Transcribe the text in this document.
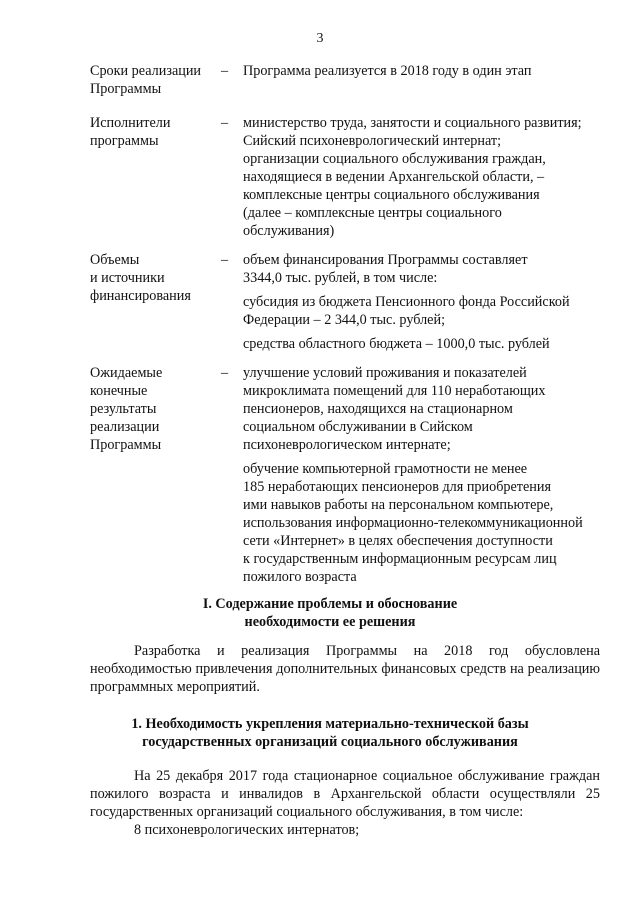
3
Сроки реализации
Программы
–	Программа реализуется в 2018 году в один этап

Исполнители
программы
–	министерство труда, занятости и социального развития;
Сийский психоневрологический интернат;
организации социального обслуживания граждан,
находящиеся в ведении Архангельской области, –
комплексные центры социального обслуживания
(далее – комплексные центры социального
обслуживания)

Объемы
и источники
финансирования
–	объем финансирования Программы составляет
3344,0 тыс. рублей, в том числе:

субсидия из бюджета Пенсионного фонда Российской
Федерации – 2 344,0 тыс. рублей;

средства областного бюджета – 1000,0 тыс. рублей

Ожидаемые
конечные
результаты
реализации
Программы
–	улучшение условий проживания и показателей
микроклимата помещений для 110 неработающих
пенсионеров, находящихся на стационарном
социальном обслуживании в Сийском
психоневрологическом интернате;

обучение компьютерной грамотности не менее
185 неработающих пенсионеров для приобретения
ими навыков работы на персональном компьютере,
использования информационно-телекоммуникационной
сети «Интернет» в целях обеспечения доступности
к государственным информационным ресурсам лиц
пожилого возраста

I. Содержание проблемы и обоснование
необходимости ее решения
Разработка и реализация Программы на 2018 год обусловлена необходимостью привлечения дополнительных финансовых средств на реализацию программных мероприятий.
1. Необходимость укрепления материально-технической базы
государственных организаций социального обслуживания
На 25 декабря 2017 года стационарное социальное обслуживание граждан пожилого возраста и инвалидов в Архангельской области осуществляли 25 государственных организаций социального обслуживания, в том числе:
8 психоневрологических интернатов;
